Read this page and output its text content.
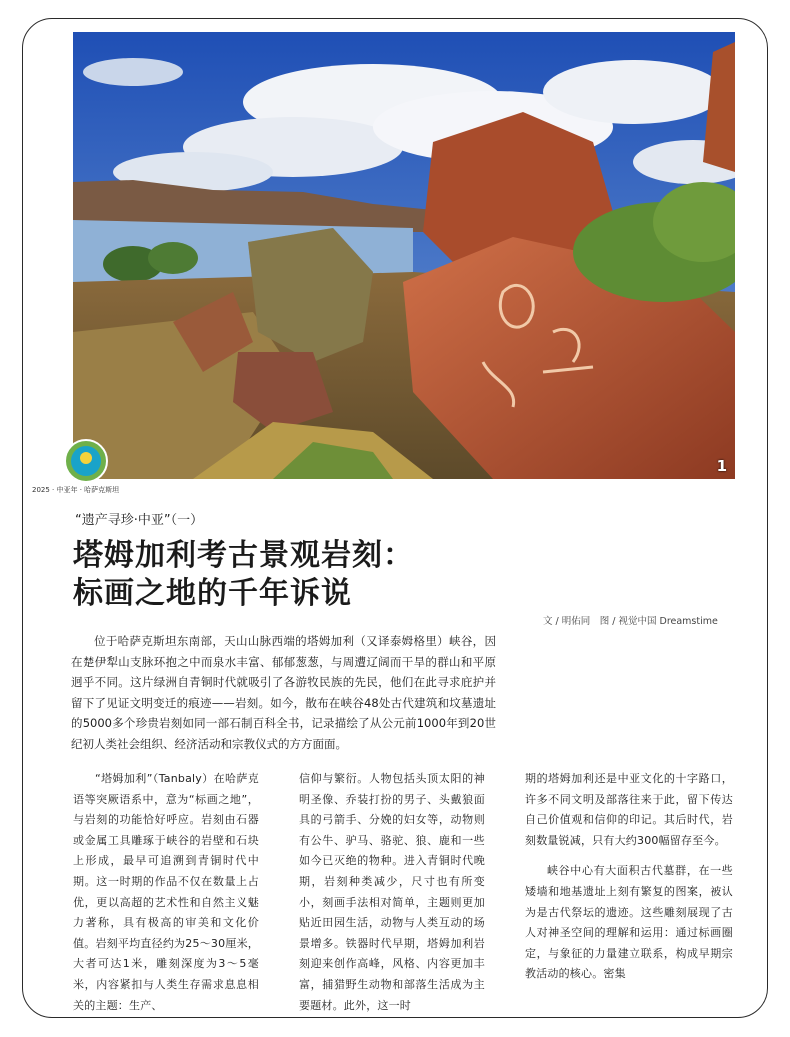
1
2025 · 中亚年 · 哈萨克斯坦
“遗产寻珍·中亚”（一）
塔姆加利考古景观岩刻：
标画之地的千年诉说
文 / 明佑同　图 / 视觉中国 Dreamstime
位于哈萨克斯坦东南部，天山山脉西端的塔姆加利（又译泰姆格里）峡谷，因在楚伊犁山支脉环抱之中而泉水丰富、郁郁葱葱，与周遭辽阔而干旱的群山和平原迥乎不同。这片绿洲自青铜时代就吸引了各游牧民族的先民，他们在此寻求庇护并留下了见证文明变迁的痕迹——岩刻。如今，散布在峡谷48处古代建筑和坟墓遗址的5000多个珍贵岩刻如同一部石制百科全书，记录描绘了从公元前1000年到20世纪初人类社会组织、经济活动和宗教仪式的方方面面。
“塔姆加利”（Tanbaly）在哈萨克语等突厥语系中，意为“标画之地”，与岩刻的功能恰好呼应。岩刻由石器或金属工具雕琢于峡谷的岩壁和石块上形成，最早可追溯到青铜时代中期。这一时期的作品不仅在数量上占优，更以高超的艺术性和自然主义魅力著称，具有极高的审美和文化价值。岩刻平均直径约为25～30厘米，大者可达1米，雕刻深度为3～5毫米，内容紧扣与人类生存需求息息相关的主题：生产、
信仰与繁衍。人物包括头顶太阳的神明圣像、乔装打扮的男子、头戴狼面具的弓箭手、分娩的妇女等，动物则有公牛、驴马、骆驼、狼、鹿和一些如今已灭绝的物种。进入青铜时代晚期，岩刻种类减少，尺寸也有所变小，刻画手法相对简单，主题则更加贴近田园生活，动物与人类互动的场景增多。铁器时代早期，塔姆加利岩刻迎来创作高峰，风格、内容更加丰富，捕猎野生动物和部落生活成为主要题材。此外，这一时
期的塔姆加利还是中亚文化的十字路口，许多不同文明及部落往来于此，留下传达自己价值观和信仰的印记。其后时代，岩刻数量锐减，只有大约300幅留存至今。
峡谷中心有大面积古代墓群，在一些矮墙和地基遗址上刻有繁复的图案，被认为是古代祭坛的遗迹。这些雕刻展现了古人对神圣空间的理解和运用：通过标画圈定，与象征的力量建立联系，构成早期宗教活动的核心。密集
